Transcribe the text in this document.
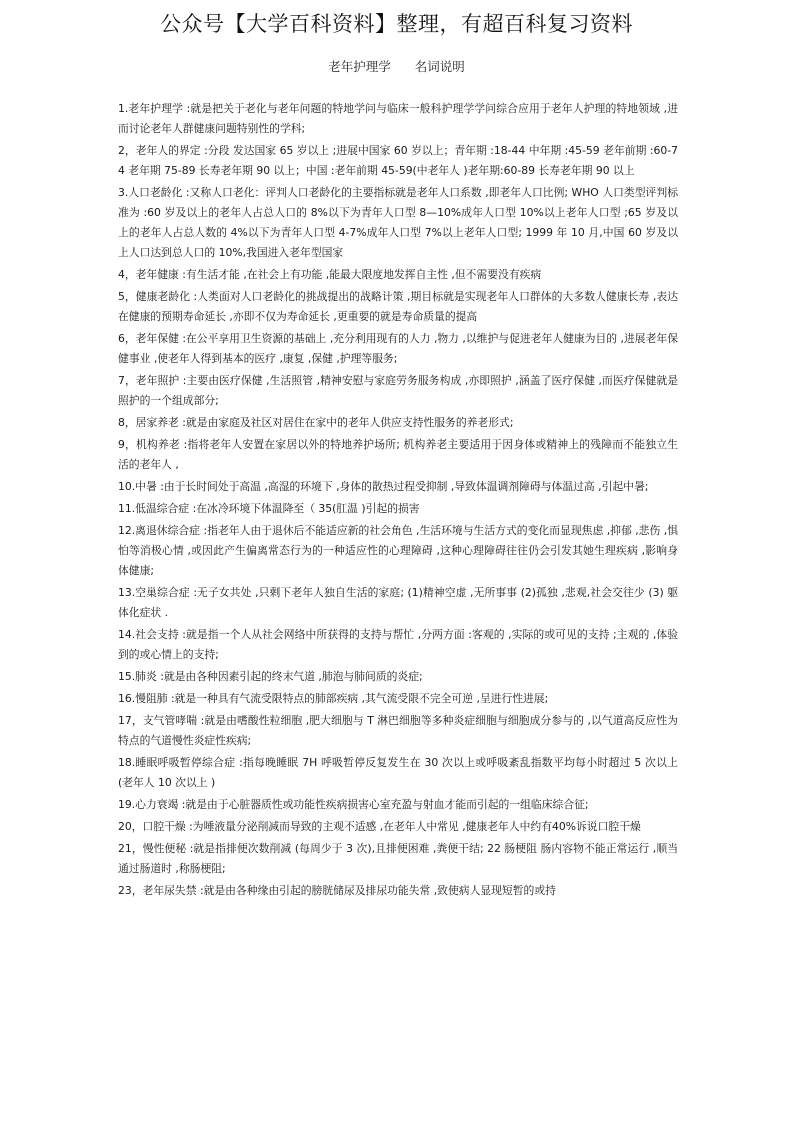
公众号【大学百科资料】整理，有超百科复习资料
老年护理学 名词说明

1.老年护理学 :就是把关于老化与老年问题的特地学问与临床一般科护理学学问综合应用于老年人护理的特地领域 ,进而讨论老年人群健康问题特别性的学科;

2，老年人的界定 :分段 发达国家 65 岁以上 ;进展中国家 60 岁以上；青年期 :18-44 中年期 :45-59 老年前期 :60-74 老年期 75-89 长寿老年期 90 以上；中国 :老年前期 45-59(中老年人 )老年期:60-89 长寿老年期 90 以上

3.人口老龄化 :又称人口老化：评判人口老龄化的主要指标就是老年人口系数 ,即老年人口比例; WHO 人口类型评判标准为 :60 岁及以上的老年人占总人口的 8%以下为青年人口型 8—10%成年人口型 10%以上老年人口型 ;65 岁及以上的老年人占总人数的 4%以下为青年人口型 4-7%成年人口型 7%以上老年人口型; 1999 年 10 月,中国 60 岁及以上人口达到总人口的 10%,我国进入老年型国家

4，老年健康 :有生活才能 ,在社会上有功能 ,能最大限度地发挥自主性 ,但不需要没有疾病

5，健康老龄化 :人类面对人口老龄化的挑战提出的战略计策 ,期目标就是实现老年人口群体的大多数人健康长寿 ,表达在健康的预期寿命延长 ,亦即不仅为寿命延长 ,更重要的就是寿命质量的提高

6，老年保健 :在公平享用卫生资源的基础上 ,充分利用现有的人力 ,物力 ,以维护与促进老年人健康为目的 ,进展老年保健事业 ,使老年人得到基本的医疗 ,康复 ,保健 ,护理等服务;

7，老年照护 :主要由医疗保健 ,生活照管 ,精神安慰与家庭劳务服务构成 ,亦即照护 ,涵盖了医疗保健 ,而医疗保健就是照护的一个组成部分;

8，居家养老 :就是由家庭及社区对居住在家中的老年人供应支持性服务的养老形式;

9，机构养老 :指将老年人安置在家居以外的特地养护场所; 机构养老主要适用于因身体或精神上的残障而不能独立生活的老年人 ,

10.中暑 :由于长时间处于高温 ,高湿的环境下 ,身体的散热过程受抑制 ,导致体温调剂障碍与体温过高 ,引起中暑;

11.低温综合症 :在冰冷环境下体温降至（ 35(肛温 )引起的损害

12.离退休综合症 :指老年人由于退休后不能适应新的社会角色 ,生活环境与生活方式的变化而显现焦虑 ,抑郁 ,悲伤 ,惧怕等消极心情 ,或因此产生偏离常态行为的一种适应性的心理障碍 ,这种心理障碍往往仍会引发其她生理疾病 ,影响身体健康;

13.空巢综合症 :无子女共处 ,只剩下老年人独自生活的家庭; (1)精神空虚 ,无所事事 (2)孤独 ,悲观,社会交往少 (3) 躯体化症状 .

14.社会支持 :就是指一个人从社会网络中所获得的支持与帮忙 ,分两方面 :客观的 ,实际的或可见的支持 ;主观的 ,体验到的或心情上的支持;

15.肺炎 :就是由各种因素引起的终末气道 ,肺泡与肺间质的炎症;

16.慢阻肺 :就是一种具有气流受限特点的肺部疾病 ,其气流受限不完全可逆 ,呈进行性进展;

17，支气管哮喘 :就是由嗜酸性粒细胞 ,肥大细胞与 T 淋巴细胞等多种炎症细胞与细胞成分参与的 ,以气道高反应性为特点的气道慢性炎症性疾病;

18.睡眠呼吸暂停综合症 :指每晚睡眠 7H 呼吸暂停反复发生在 30 次以上或呼吸紊乱指数平均每小时超过 5 次以上 (老年人 10 次以上 )

19.心力衰竭 :就是由于心脏器质性或功能性疾病损害心室充盈与射血才能而引起的一组临床综合征;

20，口腔干燥 :为唾液量分泌削减而导致的主观不适感 ,在老年人中常见 ,健康老年人中约有40%诉说口腔干燥

21，慢性便秘 :就是指排便次数削减 (每周少于 3 次),且排便困难 ,粪便干结; 22 肠梗阻 肠内容物不能正常运行 ,顺当通过肠道时 ,称肠梗阻;

23，老年尿失禁 :就是由各种缘由引起的膀胱储尿及排尿功能失常 ,致使病人显现短暂的或持
